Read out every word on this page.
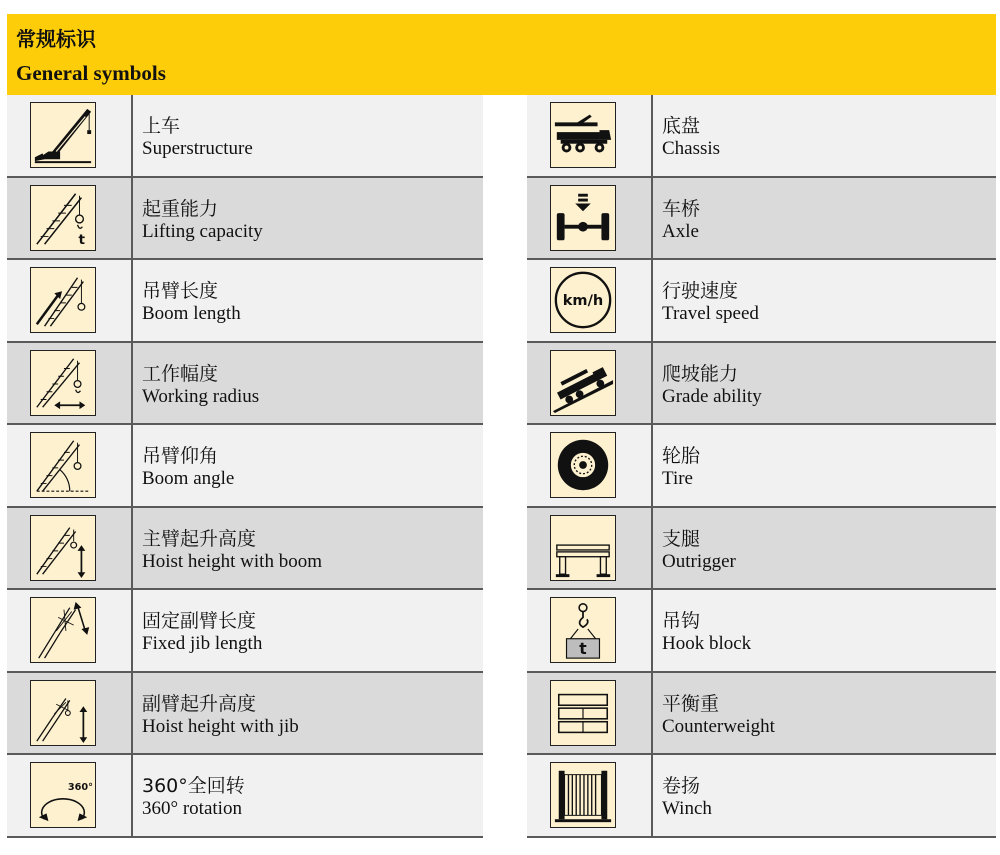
常规标识
General symbols
上车
Superstructure
t
起重能力
Lifting capacity
吊臂长度
Boom length
工作幅度
Working radius
吊臂仰角
Boom angle
主臂起升高度
Hoist height with boom
固定副臂长度
Fixed jib length
副臂起升高度
Hoist height with jib
360°	360°全回转
360° rotation
底盘
Chassis
车桥
Axle
km/h	行驶速度
Travel speed
爬坡能力
Grade ability
轮胎
Tire
支腿
Outrigger
t
吊钩
Hook block
平衡重
Counterweight
卷扬
Winch
